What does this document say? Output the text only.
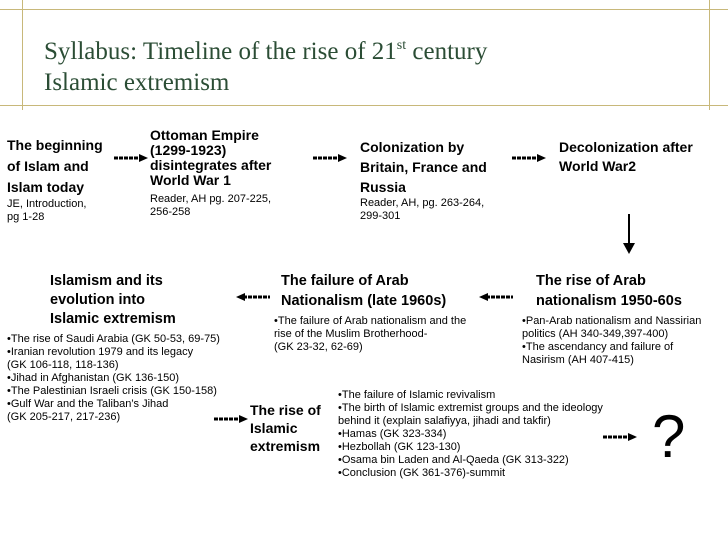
Syllabus: Timeline of the rise of 21st century
Islamic extremism
The beginning
of Islam and
Islam today
JE, Introduction,
pg 1-28
Ottoman Empire
(1299-1923)
disintegrates after
World War 1
Reader, AH pg. 207-225,
256-258
Colonization by
Britain, France and
Russia
Reader, AH, pg. 263-264,
299-301
Decolonization after
World War2
The rise of Arab
nationalism 1950-60s
•Pan-Arab nationalism and Nassirian
politics (AH 340-349,397-400)
•The ascendancy and failure of
Nasirism (AH 407-415)
The failure of Arab
Nationalism (late 1960s)
•The failure of Arab nationalism and the
rise of the Muslim Brotherhood-
(GK 23-32, 62-69)
Islamism and its
evolution into
Islamic extremism
•The rise of Saudi Arabia (GK 50-53, 69-75)
•Iranian revolution 1979 and its legacy
(GK 106-118, 118-136)
•Jihad in Afghanistan (GK 136-150)
•The Palestinian Israeli crisis (GK 150-158)
•Gulf War and the Taliban’s Jihad
(GK 205-217, 217-236)	The rise of
Islamic
extremism
•The failure of Islamic revivalism
•The birth of Islamic extremist groups and the ideology
behind it (explain salafiyya, jihadi and takfir)
•Hamas (GK 323-334)
•Hezbollah (GK 123-130)
•Osama bin Laden and Al-Qaeda (GK 313-322)
•Conclusion (GK 361-376)-summit
?
